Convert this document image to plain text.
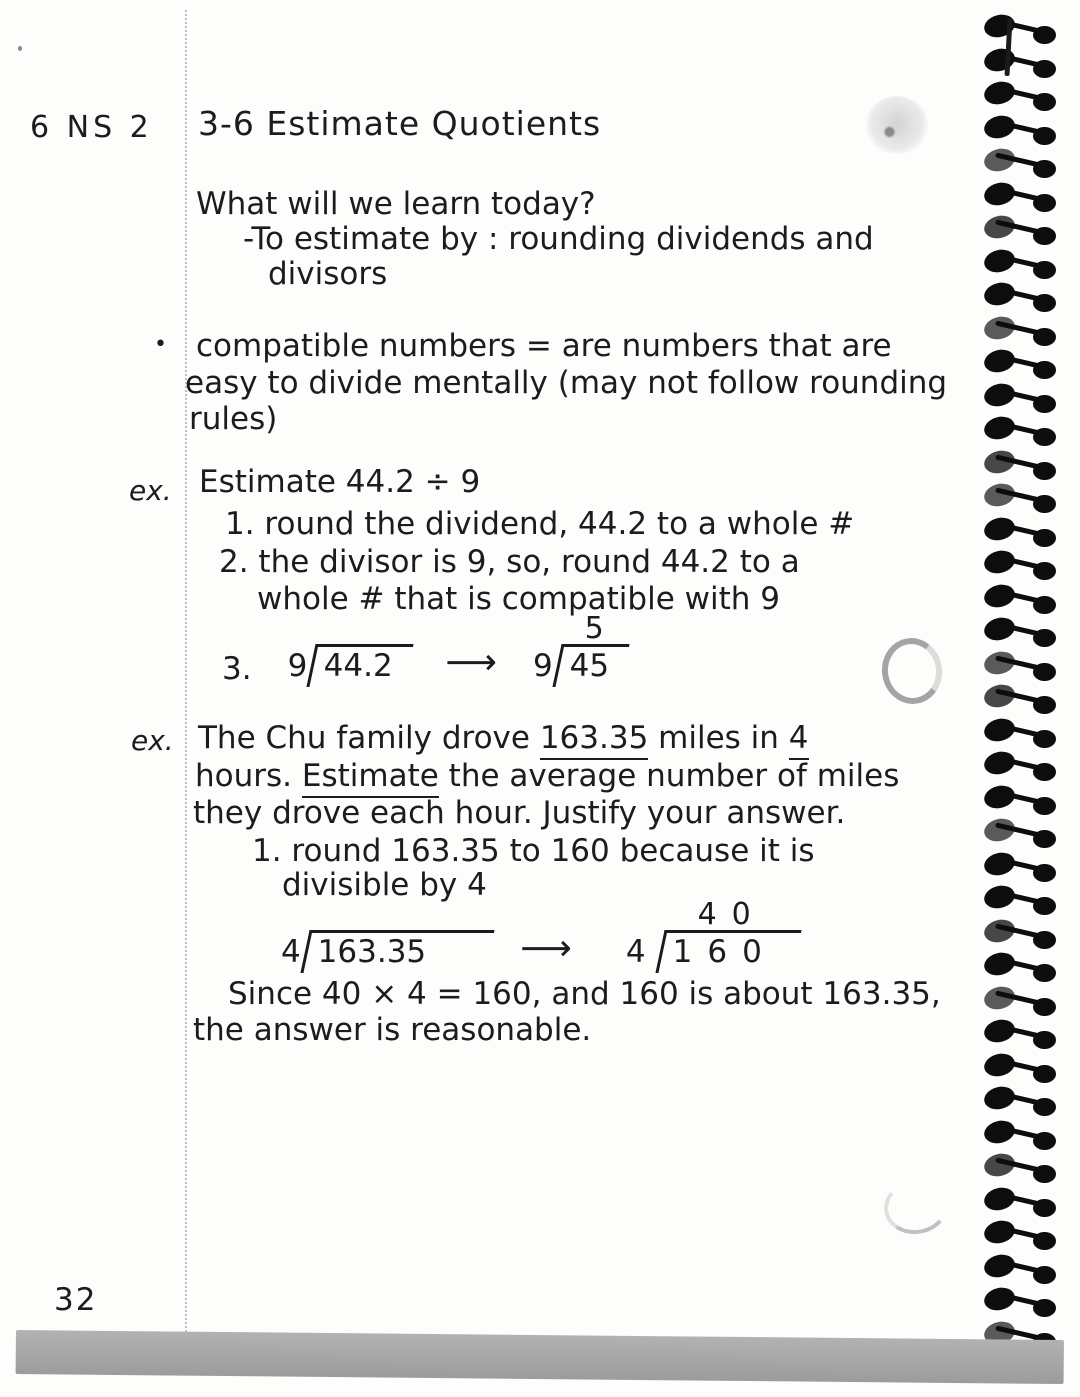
6 NS 2
•
ex.
ex.
32
3-6 Estimate Quotients
What will we learn today?
-To estimate by : rounding dividends and
divisors
compatible numbers = are numbers that are
easy to divide mentally (may not follow rounding
rules)
Estimate 44.2 ÷ 9
1. round the dividend, 44.2 to a whole #
2. the divisor is 9, so, round 44.2 to a
whole # that is compatible with 9
3. 9 44.2	⟶
5
9 45
The Chu family drove 163.35 miles in 4
hours. Estimate the average number of miles
they drove each hour. Justify your answer.
1. round 163.35 to 160 because it is
divisible by 4
4 163.35	⟶
40
4 160
Since 40 × 4 = 160, and 160 is about 163.35,
the answer is reasonable.
